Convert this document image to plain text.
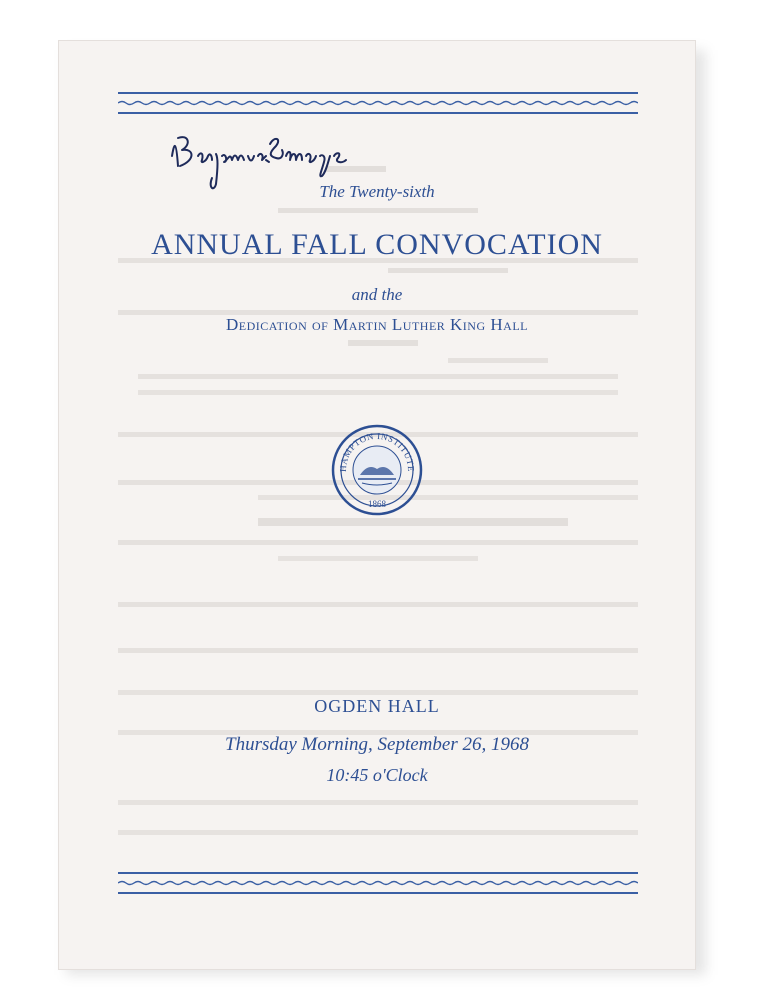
The Twenty-sixth
ANNUAL FALL CONVOCATION
and the
Dedication of Martin Luther King Hall
HAMPTON INSTITUTE
1868
OGDEN HALL
Thursday Morning, September 26, 1968
10:45 o'Clock
